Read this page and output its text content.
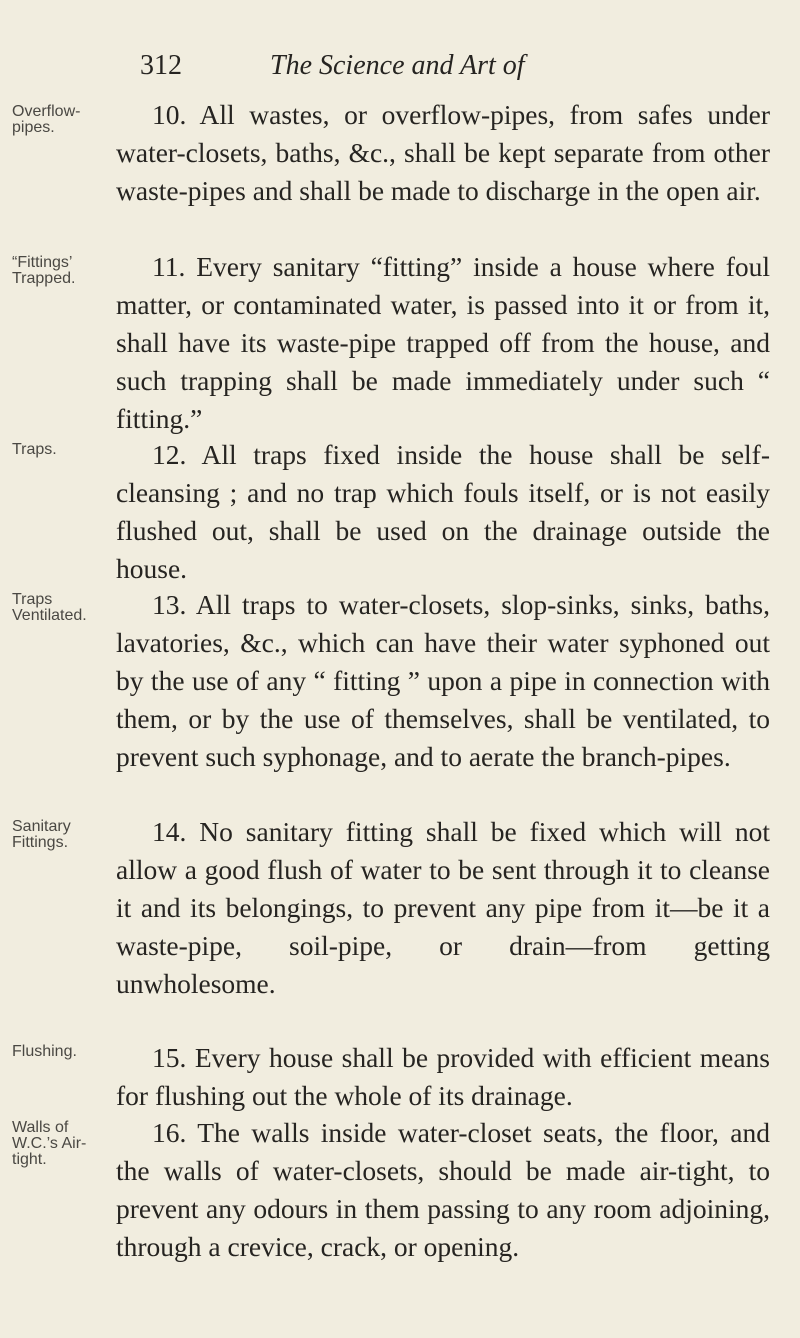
312	The Science and Art of
Overflow-pipes.
“Fittings’ Trapped.
Traps.
Traps Ventilated.
Sanitary Fittings.
Flushing.
Walls of W.C.’s Air-tight.

10. All wastes, or overflow-pipes, from safes under water-closets, baths, &c., shall be kept separate from other waste-pipes and shall be made to discharge in the open air.

11. Every sanitary “fitting” inside a house where foul matter, or contaminated water, is passed into it or from it, shall have its waste-pipe trapped off from the house, and such trapping shall be made immediately under such “ fitting.”

12. All traps fixed inside the house shall be self-cleansing ; and no trap which fouls itself, or is not easily flushed out, shall be used on the drainage outside the house.

13. All traps to water-closets, slop-sinks, sinks, baths, lavatories, &c., which can have their water syphoned out by the use of any “ fitting ” upon a pipe in connection with them, or by the use of themselves, shall be ventilated, to prevent such syphonage, and to aerate the branch-pipes.

14. No sanitary fitting shall be fixed which will not allow a good flush of water to be sent through it to cleanse it and its belongings, to prevent any pipe from it—be it a waste-pipe, soil-pipe, or drain—from getting unwholesome.

15. Every house shall be provided with efficient means for flushing out the whole of its drainage.

16. The walls inside water-closet seats, the floor, and the walls of water-closets, should be made air-tight, to prevent any odours in them passing to any room adjoining, through a crevice, crack, or opening.
